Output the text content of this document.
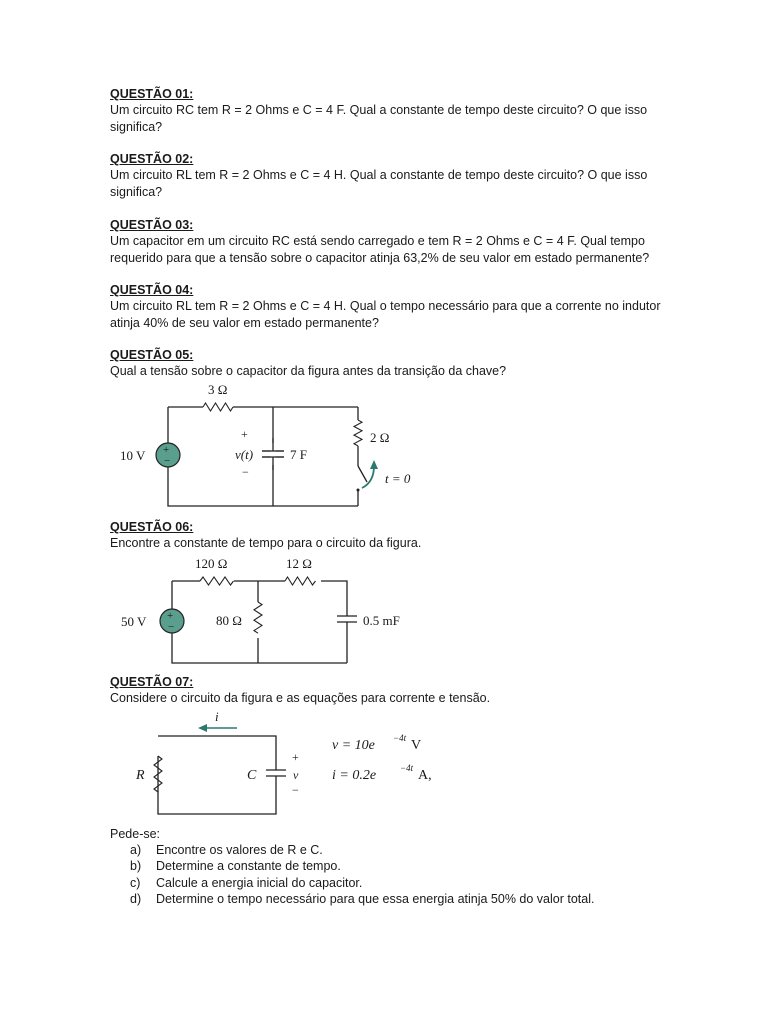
QUESTÃO 01:

Um circuito RC tem R = 2 Ohms e C = 4 F. Qual a constante de tempo deste circuito? O que isso

significa?

QUESTÃO 02:

Um circuito RL tem R = 2 Ohms e C = 4 H. Qual a constante de tempo deste circuito? O que isso

significa?

QUESTÃO 03:

Um capacitor em um circuito RC está sendo carregado e tem R = 2 Ohms e C = 4 F. Qual tempo

requerido para que a tensão sobre o capacitor atinja 63,2% de seu valor em estado permanente?

QUESTÃO 04:

Um circuito RL tem R = 2 Ohms e C = 4 H. Qual o tempo necessário para que a corrente no indutor

atinja 40% de seu valor em estado permanente?

QUESTÃO 05:

Qual a tensão sobre o capacitor da figura antes da transição da chave?

+
−
3 Ω
10 V
+
v(t)
−
7 F
2 Ω
t = 0

QUESTÃO 06:

Encontre a constante de tempo para o circuito da figura.

+
−
120 Ω	12 Ω
50 V	80 Ω	0.5 mF

QUESTÃO 07:

Considere o circuito da figura e as equações para corrente e tensão.

i
R	C
+
v
−
v = 10e −4t V
i = 0.2e	−4t A,

Pede-se:

a)	Encontre os valores de R e C.
b)	Determine a constante de tempo.
c)	Calcule a energia inicial do capacitor.
d)	Determine o tempo necessário para que essa energia atinja 50% do valor total.
